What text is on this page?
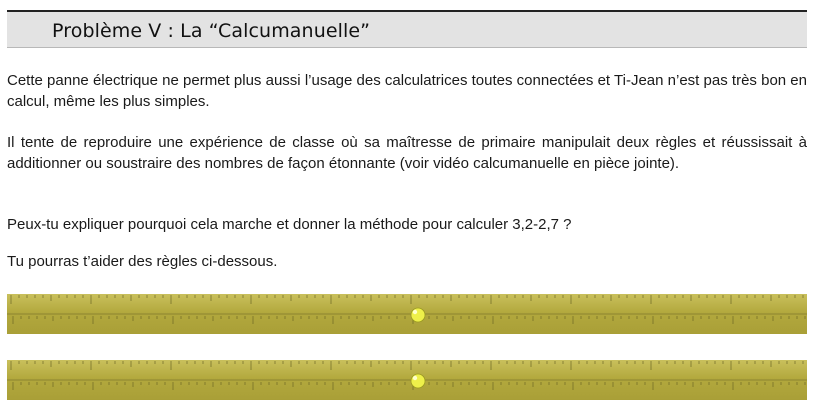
Problème V : La “Calcumanuelle”

Cette panne électrique ne permet plus aussi l’usage des calculatrices toutes connectées et Ti-Jean n’est pas très bon en calcul, même les plus simples.

Il tente de reproduire une expérience de classe où sa maîtresse de primaire manipulait deux règles et réussissait à additionner ou soustraire des nombres de façon étonnante (voir vidéo calcumanuelle en pièce jointe).

Peux-tu expliquer pourquoi cela marche et donner la méthode pour calculer 3,2-2,7 ?

Tu pourras t’aider des règles ci-dessous.
